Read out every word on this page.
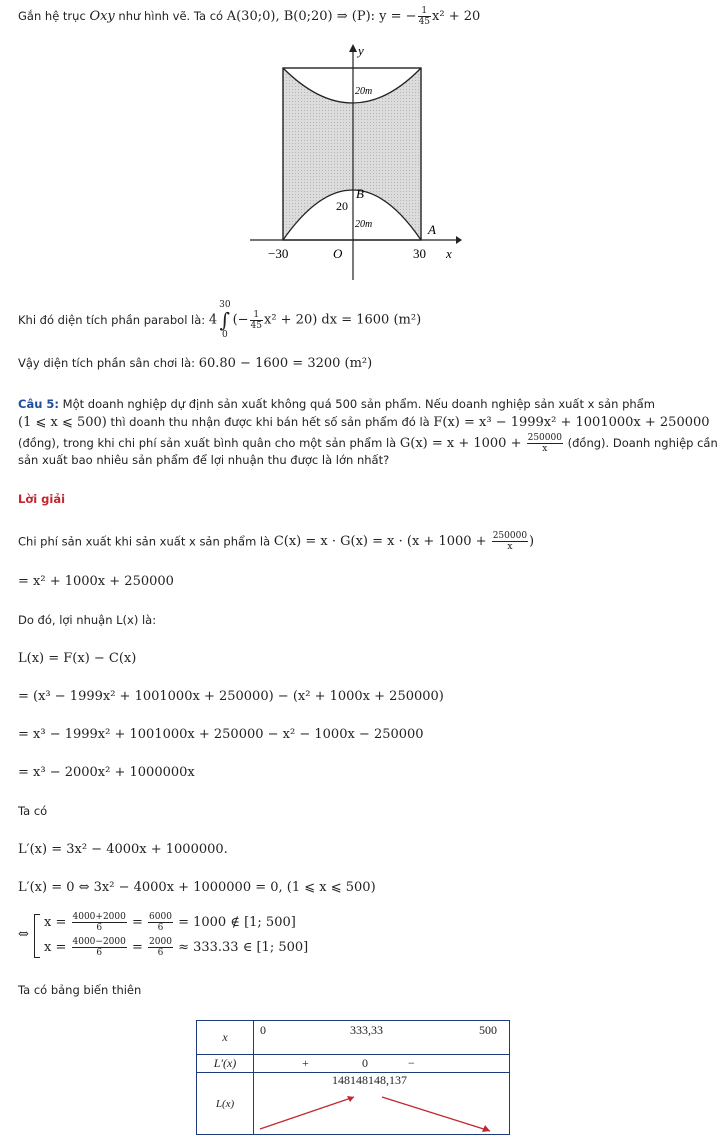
Gắn hệ trục Oxy như hình vẽ. Ta có A(30;0), B(0;20) ⇒ (P): y = − $\frac{1}{45} x^2 + 20$
y
20m
B
20
20m	A
−30	O	30 x
Khi đó diện tích phần parabol là: 430
∫
$0(- \frac{1}{45} x^2 + 20)$ dx = 1600 (m²)
Vậy diện tích phần sân chơi là: 60.80 − 1600 = 3200 (m²)
Câu 5: Một doanh nghiệp dự định sản xuất không quá 500 sản phẩm. Nếu doanh nghiệp sản xuất x sản phẩm
(1 ⩽ x ⩽ 500) thì doanh thu nhận được khi bán hết số sản phẩm đó là F(x) = x³ − 1999x² + 1001000x + 250000
(đồng), trong khi chi phí sản xuất bình quân cho một sản phẩm là $G(x) = x + 1000 + \frac{250000}{x}$ (đồng). Doanh nghiệp cần
sản xuất bao nhiêu sản phẩm để lợi nhuận thu được là lớn nhất?
Lời giải
Chi phí sản xuất khi sản xuất x sản phẩm là $C(x) = x \cdot G(x) = x \cdot (x + 1000 + \frac{250000}{x}$ )
= x² + 1000x + 250000
Do đó, lợi nhuận L(x) là:
L(x) = F(x) − C(x)
= (x³ − 1999x² + 1001000x + 250000) − (x² + 1000x + 250000)
= x³ − 1999x² + 1001000x + 250000 − x² − 1000x − 250000
= x³ − 2000x² + 1000000x
Ta có
L′(x) = 3x² − 4000x + 1000000.
L′(x) = 0 ⇔ 3x² − 4000x + 1000000 = 0, (1 ⩽ x ⩽ 500)
⇔
$x = \frac{4000+2000}{6} = \frac{6000}{6} = 1000$ ∉ [1; 500]
$x = \frac{4000-2000}{6} = \frac{2000}{6} \approx 333.33$ ∈ [1; 500]
Ta có bảng biến thiên
x	0 333,33 500

L′(x)	+ 0 −

L(x)	148148148,137
